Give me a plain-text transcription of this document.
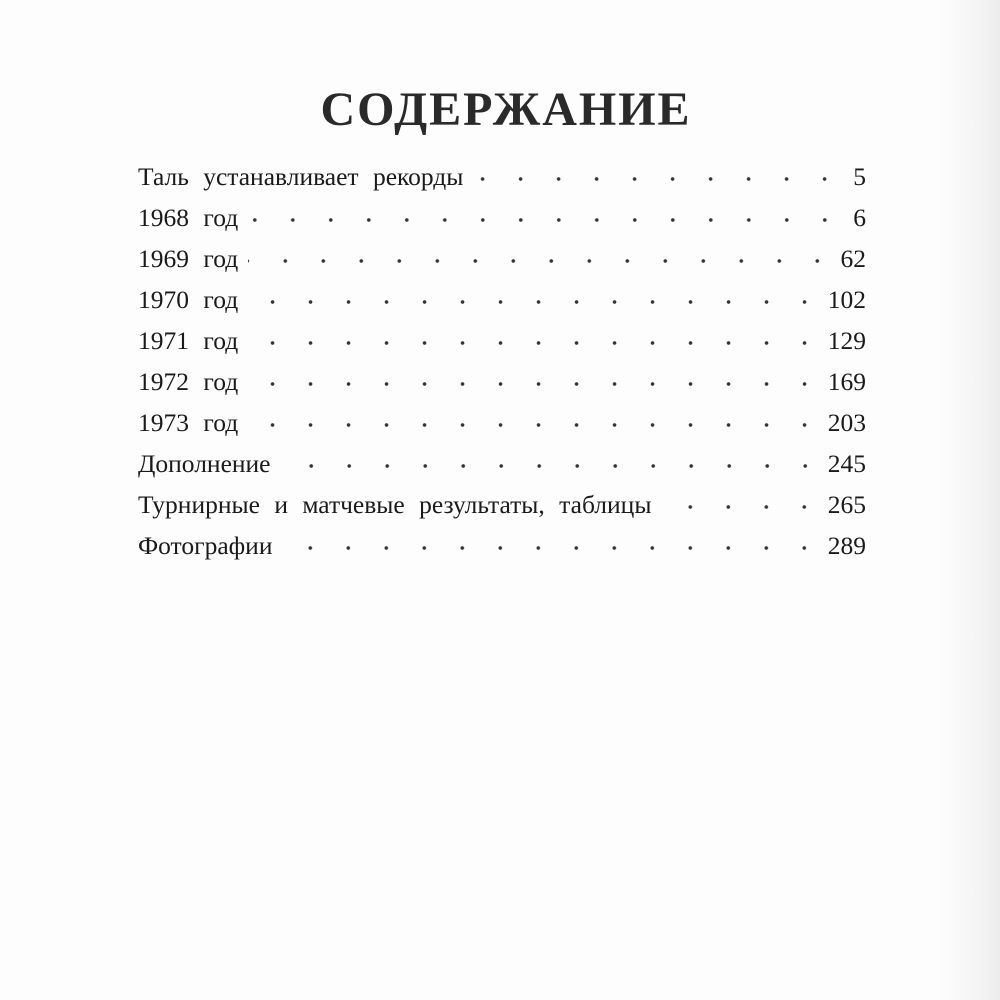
СОДЕРЖАНИЕ
Таль устанавливает рекорды	5
1968 год	6
1969 год	62
1970 год	102
1971 год	129
1972 год	169
1973 год	203
Дополнение	245
Турнирные и матчевые результаты, таблицы	265
Фотографии	289
